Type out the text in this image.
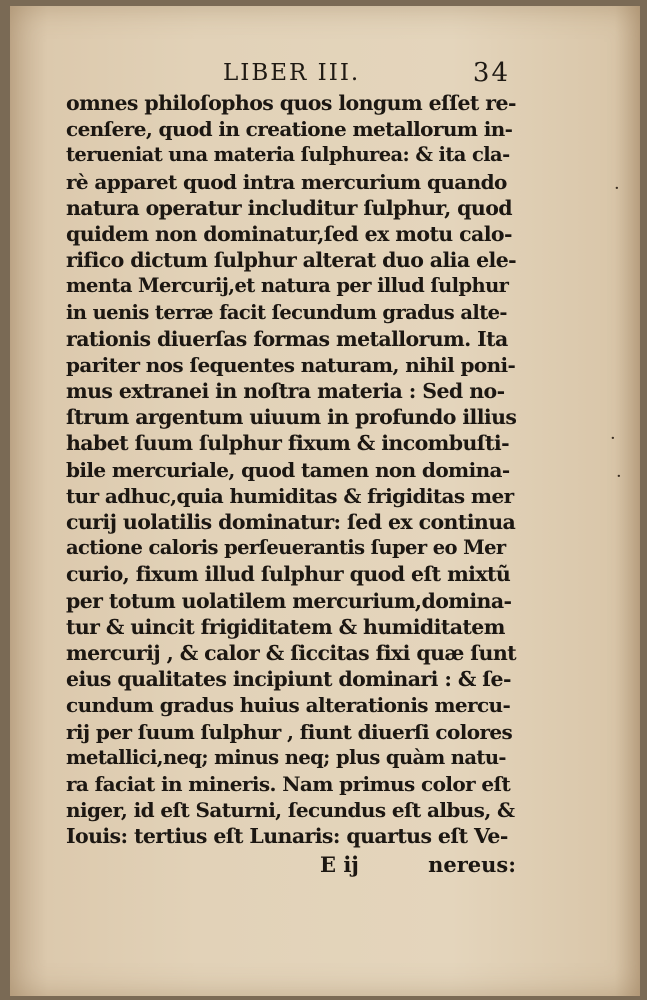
LIBER III.	34
omnes philoſophos quos longum eſſet re-
cenſere, quod in creatione metallorum in-
terueniat una materia ſulphurea: & ita cla-
rè apparet quod intra mercurium quando
natura operatur includitur ſulphur, quod
quidem non dominatur,ſed ex motu calo-
rifico dictum ſulphur alterat duo alia ele-
menta Mercurij,et natura per illud ſulphur
in uenis terræ facit ſecundum gradus alte-
rationis diuerſas formas metallorum. Ita
pariter nos ſequentes naturam, nihil poni-
mus extranei in noſtra materia : Sed no-
ſtrum argentum uiuum in profundo illius
habet ſuum ſulphur fixum & incombuſti-
bile mercuriale, quod tamen non domina-
tur adhuc,quia humiditas & frigiditas mer
curij uolatilis dominatur: ſed ex continua
actione caloris perſeuerantis ſuper eo Mer
curio, fixum illud ſulphur quod eſt mixtũ
per totum uolatilem mercurium,domina-
tur & uincit frigiditatem & humiditatem
mercurij , & calor & ſiccitas fixi quæ ſunt
eius qualitates incipiunt dominari : & ſe-
cundum gradus huius alterationis mercu-
rij per ſuum ſulphur , fiunt diuerſi colores
metallici,neq; minus neq; plus quàm natu-
ra faciat in mineris. Nam primus color eſt
niger, id eſt Saturni, ſecundus eſt albus, &
Iouis: tertius eſt Lunaris: quartus eſt Ve-
E ij	nereus:
·
·
·
